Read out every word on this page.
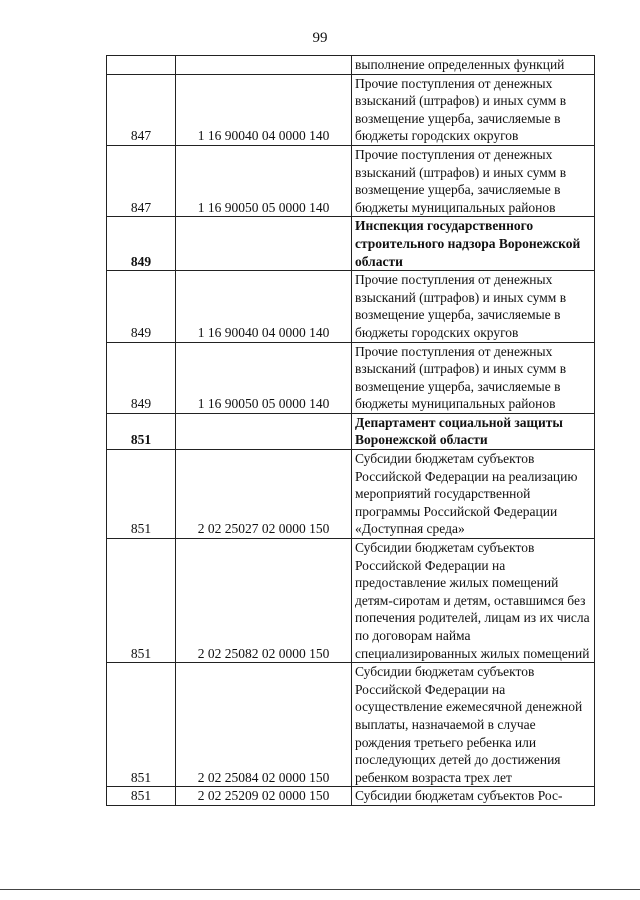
99
		выполнение определенных функций
847	1 16 90040 04 0000 140	Прочие поступления от денежных взысканий (штрафов) и иных сумм в возмещение ущерба, зачисляемые в бюджеты городских округов
847	1 16 90050 05 0000 140	Прочие поступления от денежных взысканий (штрафов) и иных сумм в возмещение ущерба, зачисляемые в бюджеты муниципальных районов
849		Инспекция государственного строительного надзора Воронежской области
849	1 16 90040 04 0000 140	Прочие поступления от денежных взысканий (штрафов) и иных сумм в возмещение ущерба, зачисляемые в бюджеты городских округов
849	1 16 90050 05 0000 140	Прочие поступления от денежных взысканий (штрафов) и иных сумм в возмещение ущерба, зачисляемые в бюджеты муниципальных районов
851		Департамент социальной защиты Воронежской области
851	2 02 25027 02 0000 150	Субсидии бюджетам субъектов Российской Федерации на реализацию мероприятий государственной программы Российской Федерации «Доступная среда»
851	2 02 25082 02 0000 150	Субсидии бюджетам субъектов Российской Федерации на предоставление жилых помещений детям-сиротам и детям, оставшимся без попечения родителей, лицам из их числа по договорам найма специализированных жилых помещений
851	2 02 25084 02 0000 150	Субсидии бюджетам субъектов Российской Федерации на осуществление ежемесячной денежной выплаты, назначаемой в случае рождения третьего ребенка или последующих детей до достижения ребенком возраста трех лет
851	2 02 25209 02 0000 150	Субсидии бюджетам субъектов Рос-
